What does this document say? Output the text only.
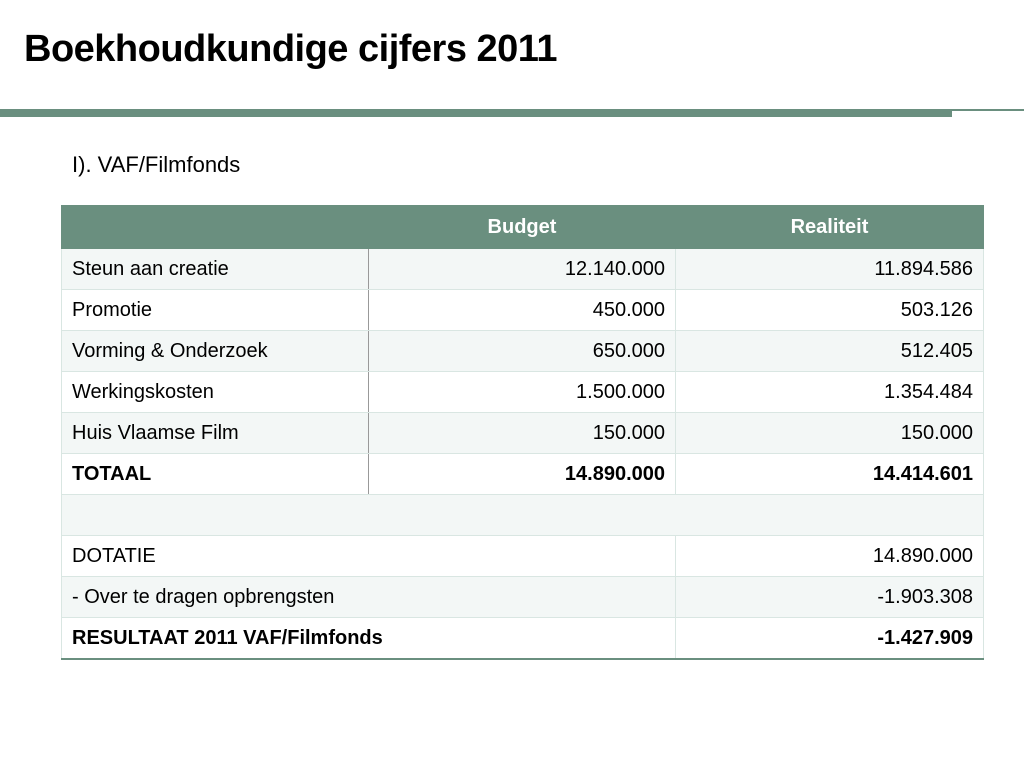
Boekhoudkundige cijfers 2011

I). VAF/Filmfonds

	Budget	Realiteit
Steun aan creatie	12.140.000	11.894.586
Promotie	450.000	503.126
Vorming & Onderzoek	650.000	512.405
Werkingskosten	1.500.000	1.354.484
Huis Vlaamse Film	150.000	150.000
TOTAAL	14.890.000	14.414.601

DOTATIE		14.890.000
- Over te dragen opbrengsten		-1.903.308
RESULTAAT 2011 VAF/Filmfonds		-1.427.909
